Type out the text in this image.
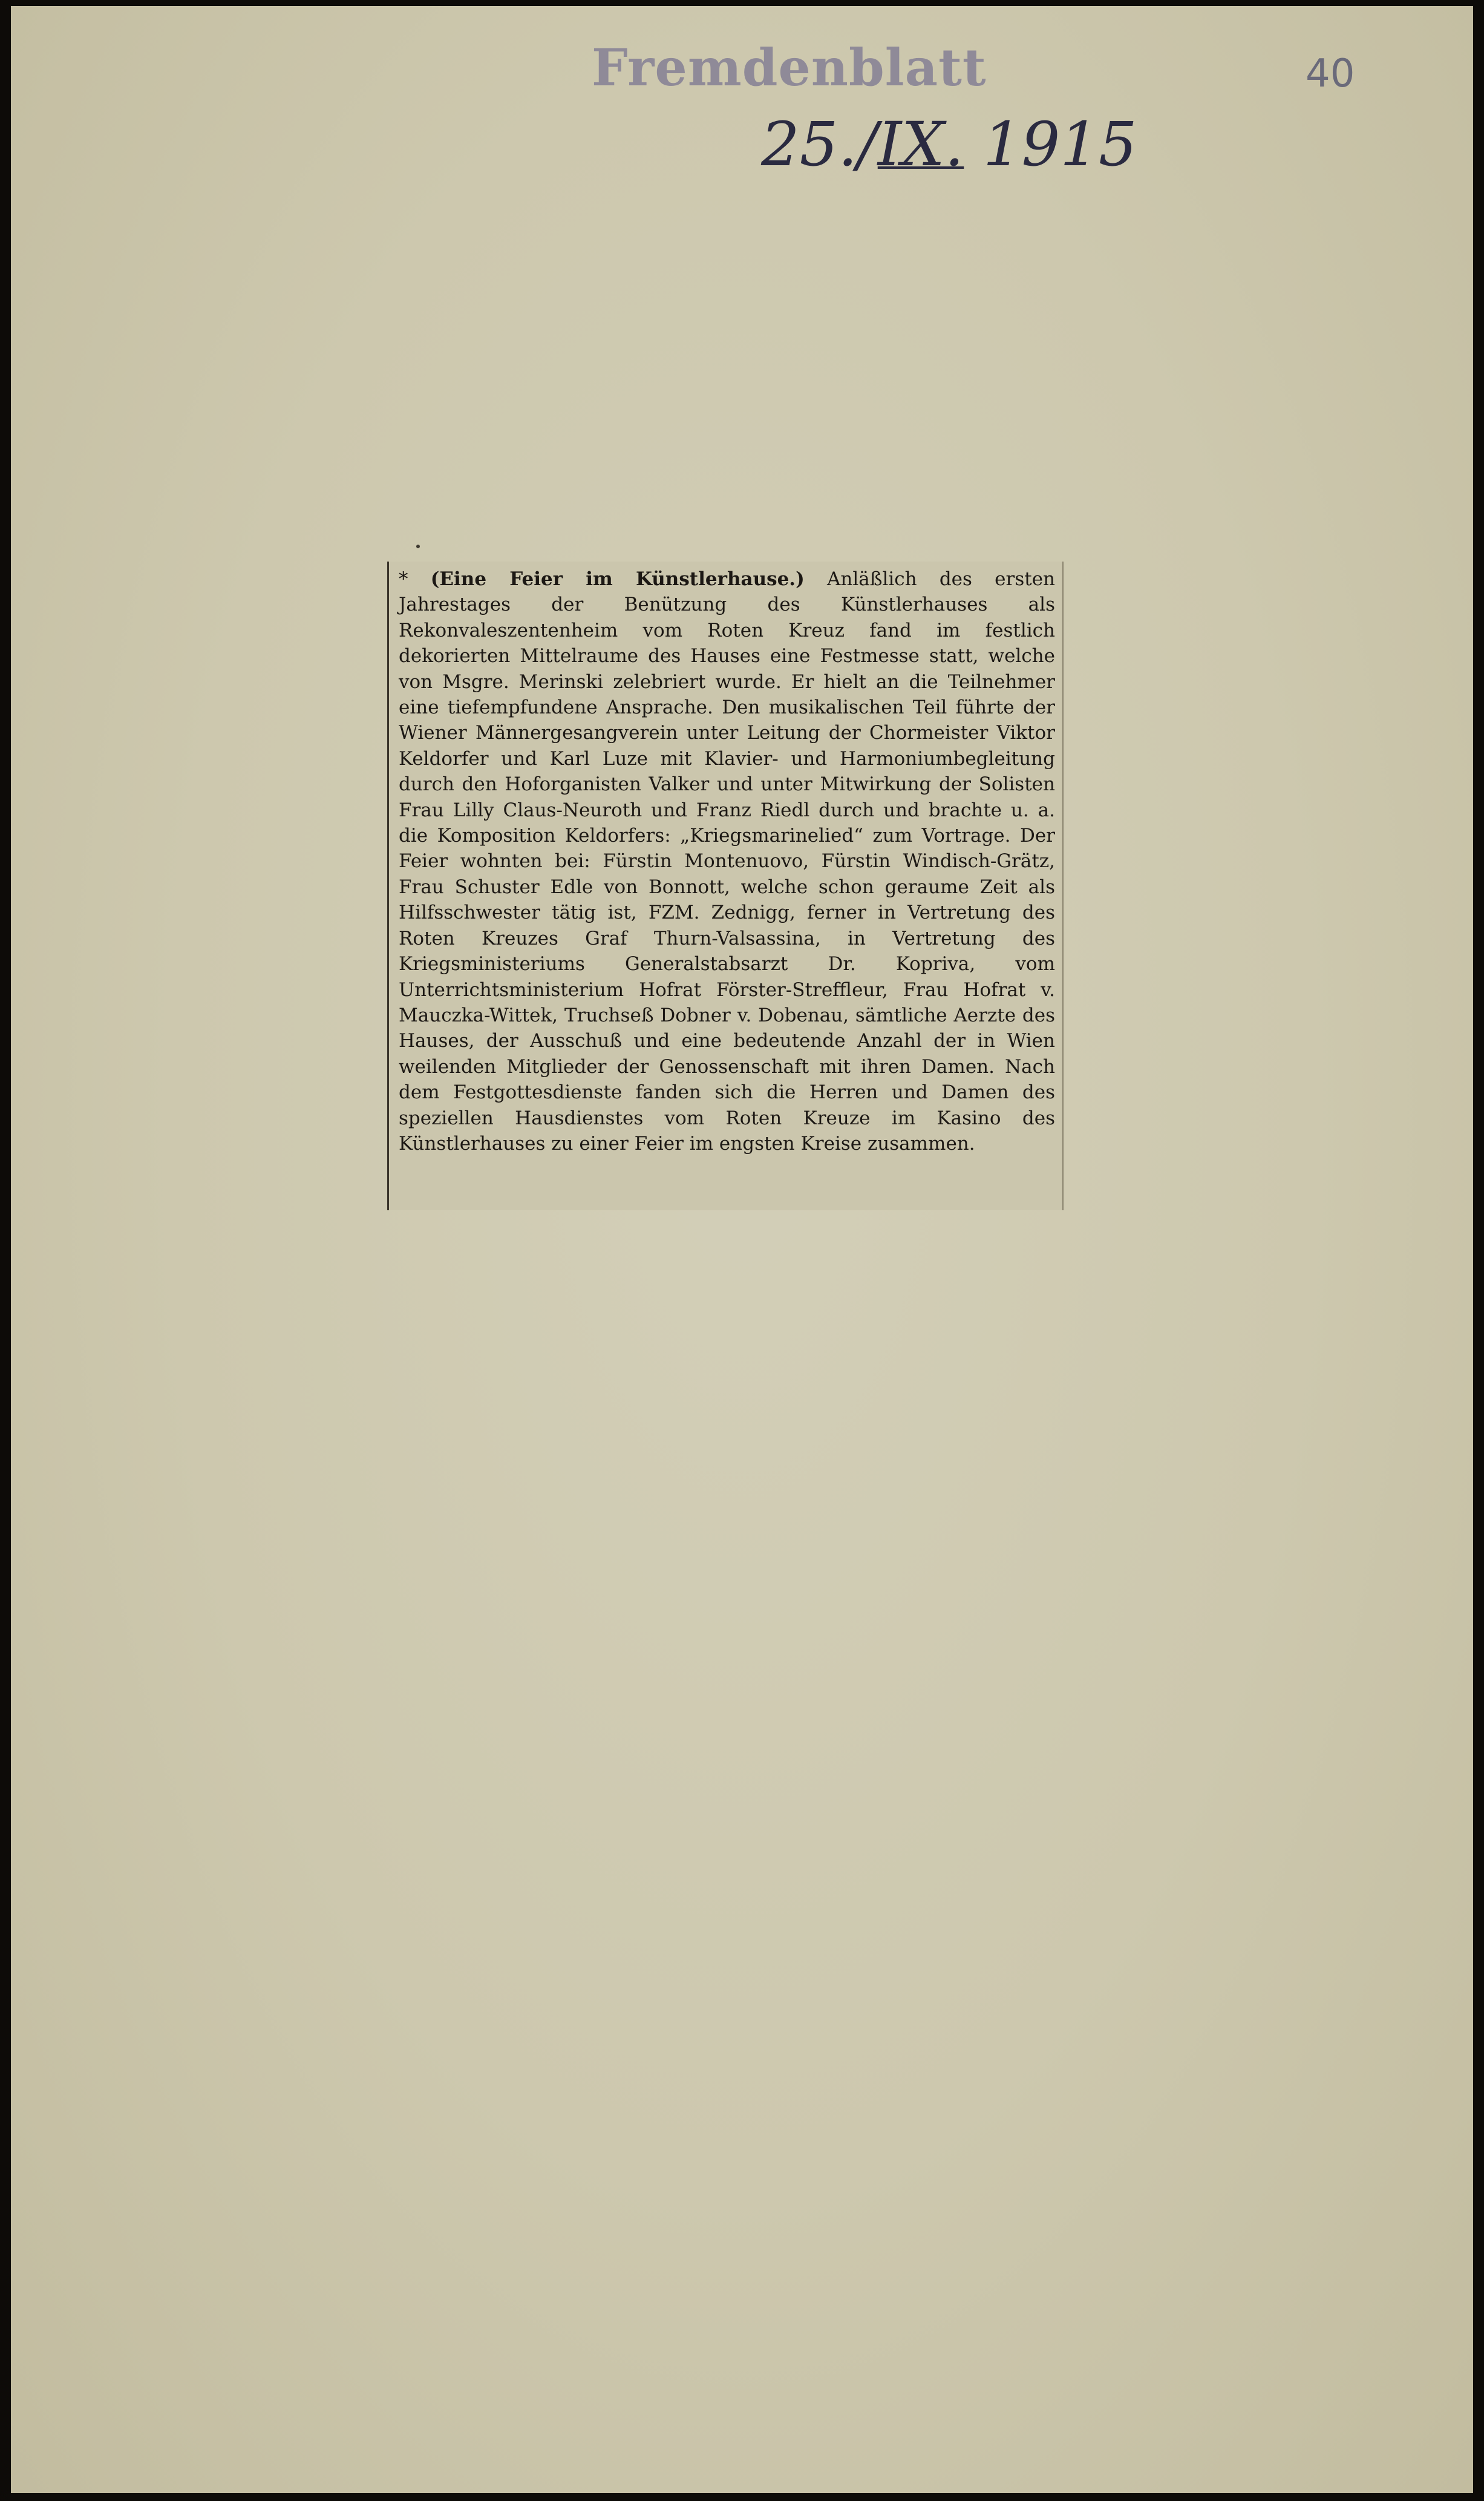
Fremdenblatt
25./IX. 1915
40

* (Eine Feier im Künstlerhause.) Anläßlich des ersten Jahrestages der Benützung des Künstlerhauses als Rekonvaleszentenheim vom Roten Kreuz fand im festlich dekorierten Mittelraume des Hauses eine Festmesse statt, welche von Msgre. Merinski zelebriert wurde. Er hielt an die Teilnehmer eine tiefempfundene Ansprache. Den musikalischen Teil führte der Wiener Männergesangverein unter Leitung der Chormeister Viktor Keldorfer und Karl Luze mit Klavier- und Harmoniumbegleitung durch den Hoforganisten Valker und unter Mitwirkung der Solisten Frau Lilly Claus-Neuroth und Franz Riedl durch und brachte u. a. die Komposition Keldorfers: „Kriegsmarinelied“ zum Vortrage. Der Feier wohnten bei: Fürstin Montenuovo, Fürstin Windisch-Grätz, Frau Schuster Edle von Bonnott, welche schon geraume Zeit als Hilfsschwester tätig ist, FZM. Zednigg, ferner in Vertretung des Roten Kreuzes Graf Thurn-Valsassina, in Vertretung des Kriegsministeriums Generalstabsarzt Dr. Kopriva, vom Unterrichtsministerium Hofrat Förster-Streffleur, Frau Hofrat v. Mauczka-Wittek, Truchseß Dobner v. Dobenau, sämtliche Aerzte des Hauses, der Ausschuß und eine bedeutende Anzahl der in Wien weilenden Mitglieder der Genossenschaft mit ihren Damen. Nach dem Festgottesdienste fanden sich die Herren und Damen des speziellen Hausdienstes vom Roten Kreuze im Kasino des Künstlerhauses zu einer Feier im engsten Kreise zusammen.
